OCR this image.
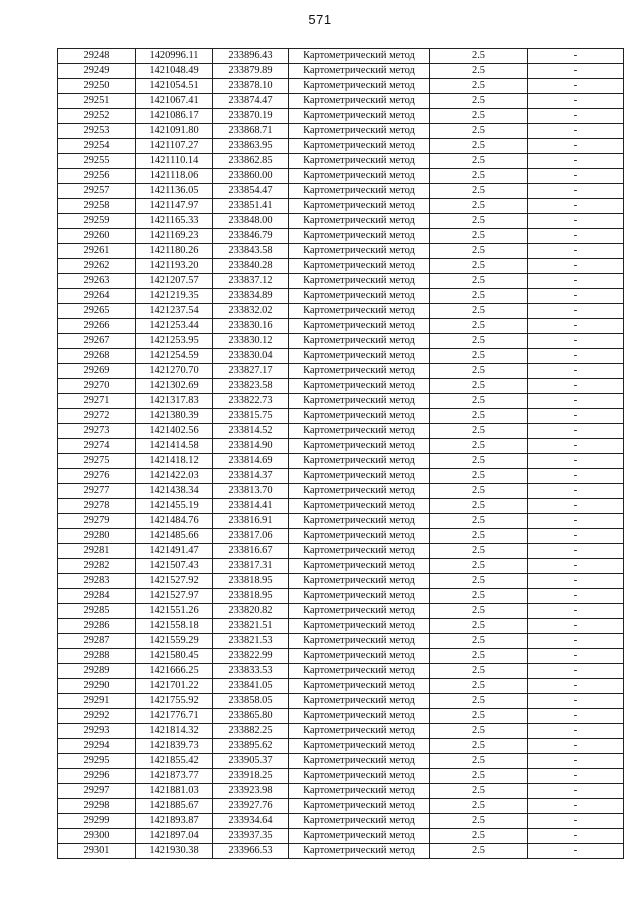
571
29248	1420996.11	233896.43	Картометрический метод	2.5	-
29249	1421048.49	233879.89	Картометрический метод	2.5	-
29250	1421054.51	233878.10	Картометрический метод	2.5	-
29251	1421067.41	233874.47	Картометрический метод	2.5	-
29252	1421086.17	233870.19	Картометрический метод	2.5	-
29253	1421091.80	233868.71	Картометрический метод	2.5	-
29254	1421107.27	233863.95	Картометрический метод	2.5	-
29255	1421110.14	233862.85	Картометрический метод	2.5	-
29256	1421118.06	233860.00	Картометрический метод	2.5	-
29257	1421136.05	233854.47	Картометрический метод	2.5	-
29258	1421147.97	233851.41	Картометрический метод	2.5	-
29259	1421165.33	233848.00	Картометрический метод	2.5	-
29260	1421169.23	233846.79	Картометрический метод	2.5	-
29261	1421180.26	233843.58	Картометрический метод	2.5	-
29262	1421193.20	233840.28	Картометрический метод	2.5	-
29263	1421207.57	233837.12	Картометрический метод	2.5	-
29264	1421219.35	233834.89	Картометрический метод	2.5	-
29265	1421237.54	233832.02	Картометрический метод	2.5	-
29266	1421253.44	233830.16	Картометрический метод	2.5	-
29267	1421253.95	233830.12	Картометрический метод	2.5	-
29268	1421254.59	233830.04	Картометрический метод	2.5	-
29269	1421270.70	233827.17	Картометрический метод	2.5	-
29270	1421302.69	233823.58	Картометрический метод	2.5	-
29271	1421317.83	233822.73	Картометрический метод	2.5	-
29272	1421380.39	233815.75	Картометрический метод	2.5	-
29273	1421402.56	233814.52	Картометрический метод	2.5	-
29274	1421414.58	233814.90	Картометрический метод	2.5	-
29275	1421418.12	233814.69	Картометрический метод	2.5	-
29276	1421422.03	233814.37	Картометрический метод	2.5	-
29277	1421438.34	233813.70	Картометрический метод	2.5	-
29278	1421455.19	233814.41	Картометрический метод	2.5	-
29279	1421484.76	233816.91	Картометрический метод	2.5	-
29280	1421485.66	233817.06	Картометрический метод	2.5	-
29281	1421491.47	233816.67	Картометрический метод	2.5	-
29282	1421507.43	233817.31	Картометрический метод	2.5	-
29283	1421527.92	233818.95	Картометрический метод	2.5	-
29284	1421527.97	233818.95	Картометрический метод	2.5	-
29285	1421551.26	233820.82	Картометрический метод	2.5	-
29286	1421558.18	233821.51	Картометрический метод	2.5	-
29287	1421559.29	233821.53	Картометрический метод	2.5	-
29288	1421580.45	233822.99	Картометрический метод	2.5	-
29289	1421666.25	233833.53	Картометрический метод	2.5	-
29290	1421701.22	233841.05	Картометрический метод	2.5	-
29291	1421755.92	233858.05	Картометрический метод	2.5	-
29292	1421776.71	233865.80	Картометрический метод	2.5	-
29293	1421814.32	233882.25	Картометрический метод	2.5	-
29294	1421839.73	233895.62	Картометрический метод	2.5	-
29295	1421855.42	233905.37	Картометрический метод	2.5	-
29296	1421873.77	233918.25	Картометрический метод	2.5	-
29297	1421881.03	233923.98	Картометрический метод	2.5	-
29298	1421885.67	233927.76	Картометрический метод	2.5	-
29299	1421893.87	233934.64	Картометрический метод	2.5	-
29300	1421897.04	233937.35	Картометрический метод	2.5	-
29301	1421930.38	233966.53	Картометрический метод	2.5	-
